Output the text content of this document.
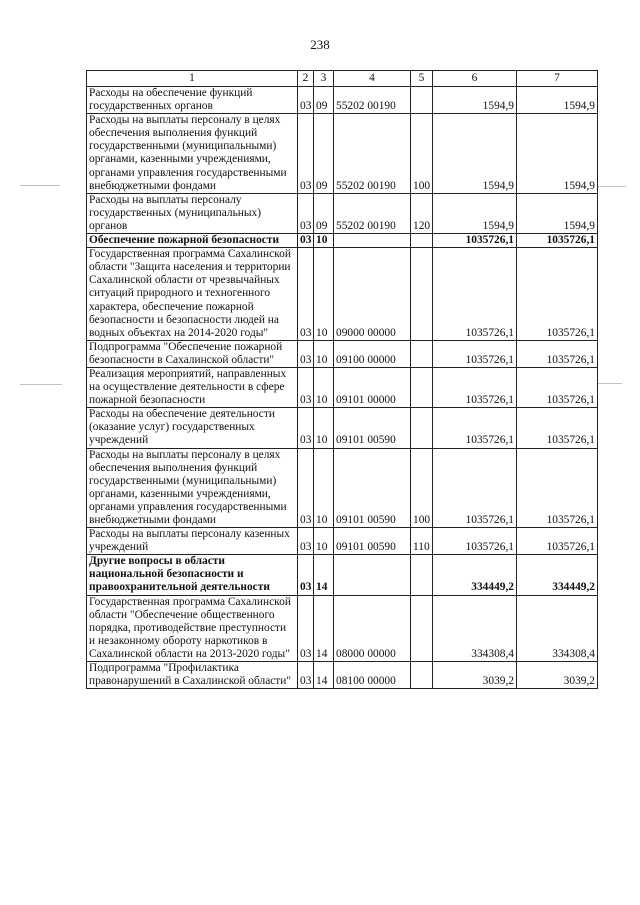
238
1	2	3	4	5	6	7
Расходы на обеспечение функций государственных органов	03	09	55202 00190		1594,9	1594,9
Расходы на выплаты персоналу в целях обеспечения выполнения функций государственными (муниципальными) органами, казенными учреждениями, органами управления государственными внебюджетными фондами	03	09	55202 00190	100	1594,9	1594,9
Расходы на выплаты персоналу государственных (муниципальных) органов	03	09	55202 00190	120	1594,9	1594,9
Обеспечение пожарной безопасности	03	10			1035726,1	1035726,1
Государственная программа Сахалинской области "Защита населения и территории Сахалинской области от чрезвычайных ситуаций природного и техногенного характера, обеспечение пожарной безопасности и безопасности людей на водных объектах на 2014-2020 годы"	03	10	09000 00000		1035726,1	1035726,1
Подпрограмма "Обеспечение пожарной безопасности в Сахалинской области"	03	10	09100 00000		1035726,1	1035726,1
Реализация мероприятий, направленных на осуществление деятельности в сфере пожарной безопасности	03	10	09101 00000		1035726,1	1035726,1
Расходы на обеспечение деятельности (оказание услуг) государственных учреждений	03	10	09101 00590		1035726,1	1035726,1
Расходы на выплаты персоналу в целях обеспечения выполнения функций государственными (муниципальными) органами, казенными учреждениями, органами управления государственными внебюджетными фондами	03	10	09101 00590	100	1035726,1	1035726,1
Расходы на выплаты персоналу казенных учреждений	03	10	09101 00590	110	1035726,1	1035726,1
Другие вопросы в области национальной безопасности и правоохранительной деятельности	03	14			334449,2	334449,2
Государственная программа Сахалинской области "Обеспечение общественного порядка, противодействие преступности и незаконному обороту наркотиков в Сахалинской области на 2013-2020 годы"	03	14	08000 00000		334308,4	334308,4
Подпрограмма "Профилактика правонарушений в Сахалинской области"	03	14	08100 00000		3039,2	3039,2
